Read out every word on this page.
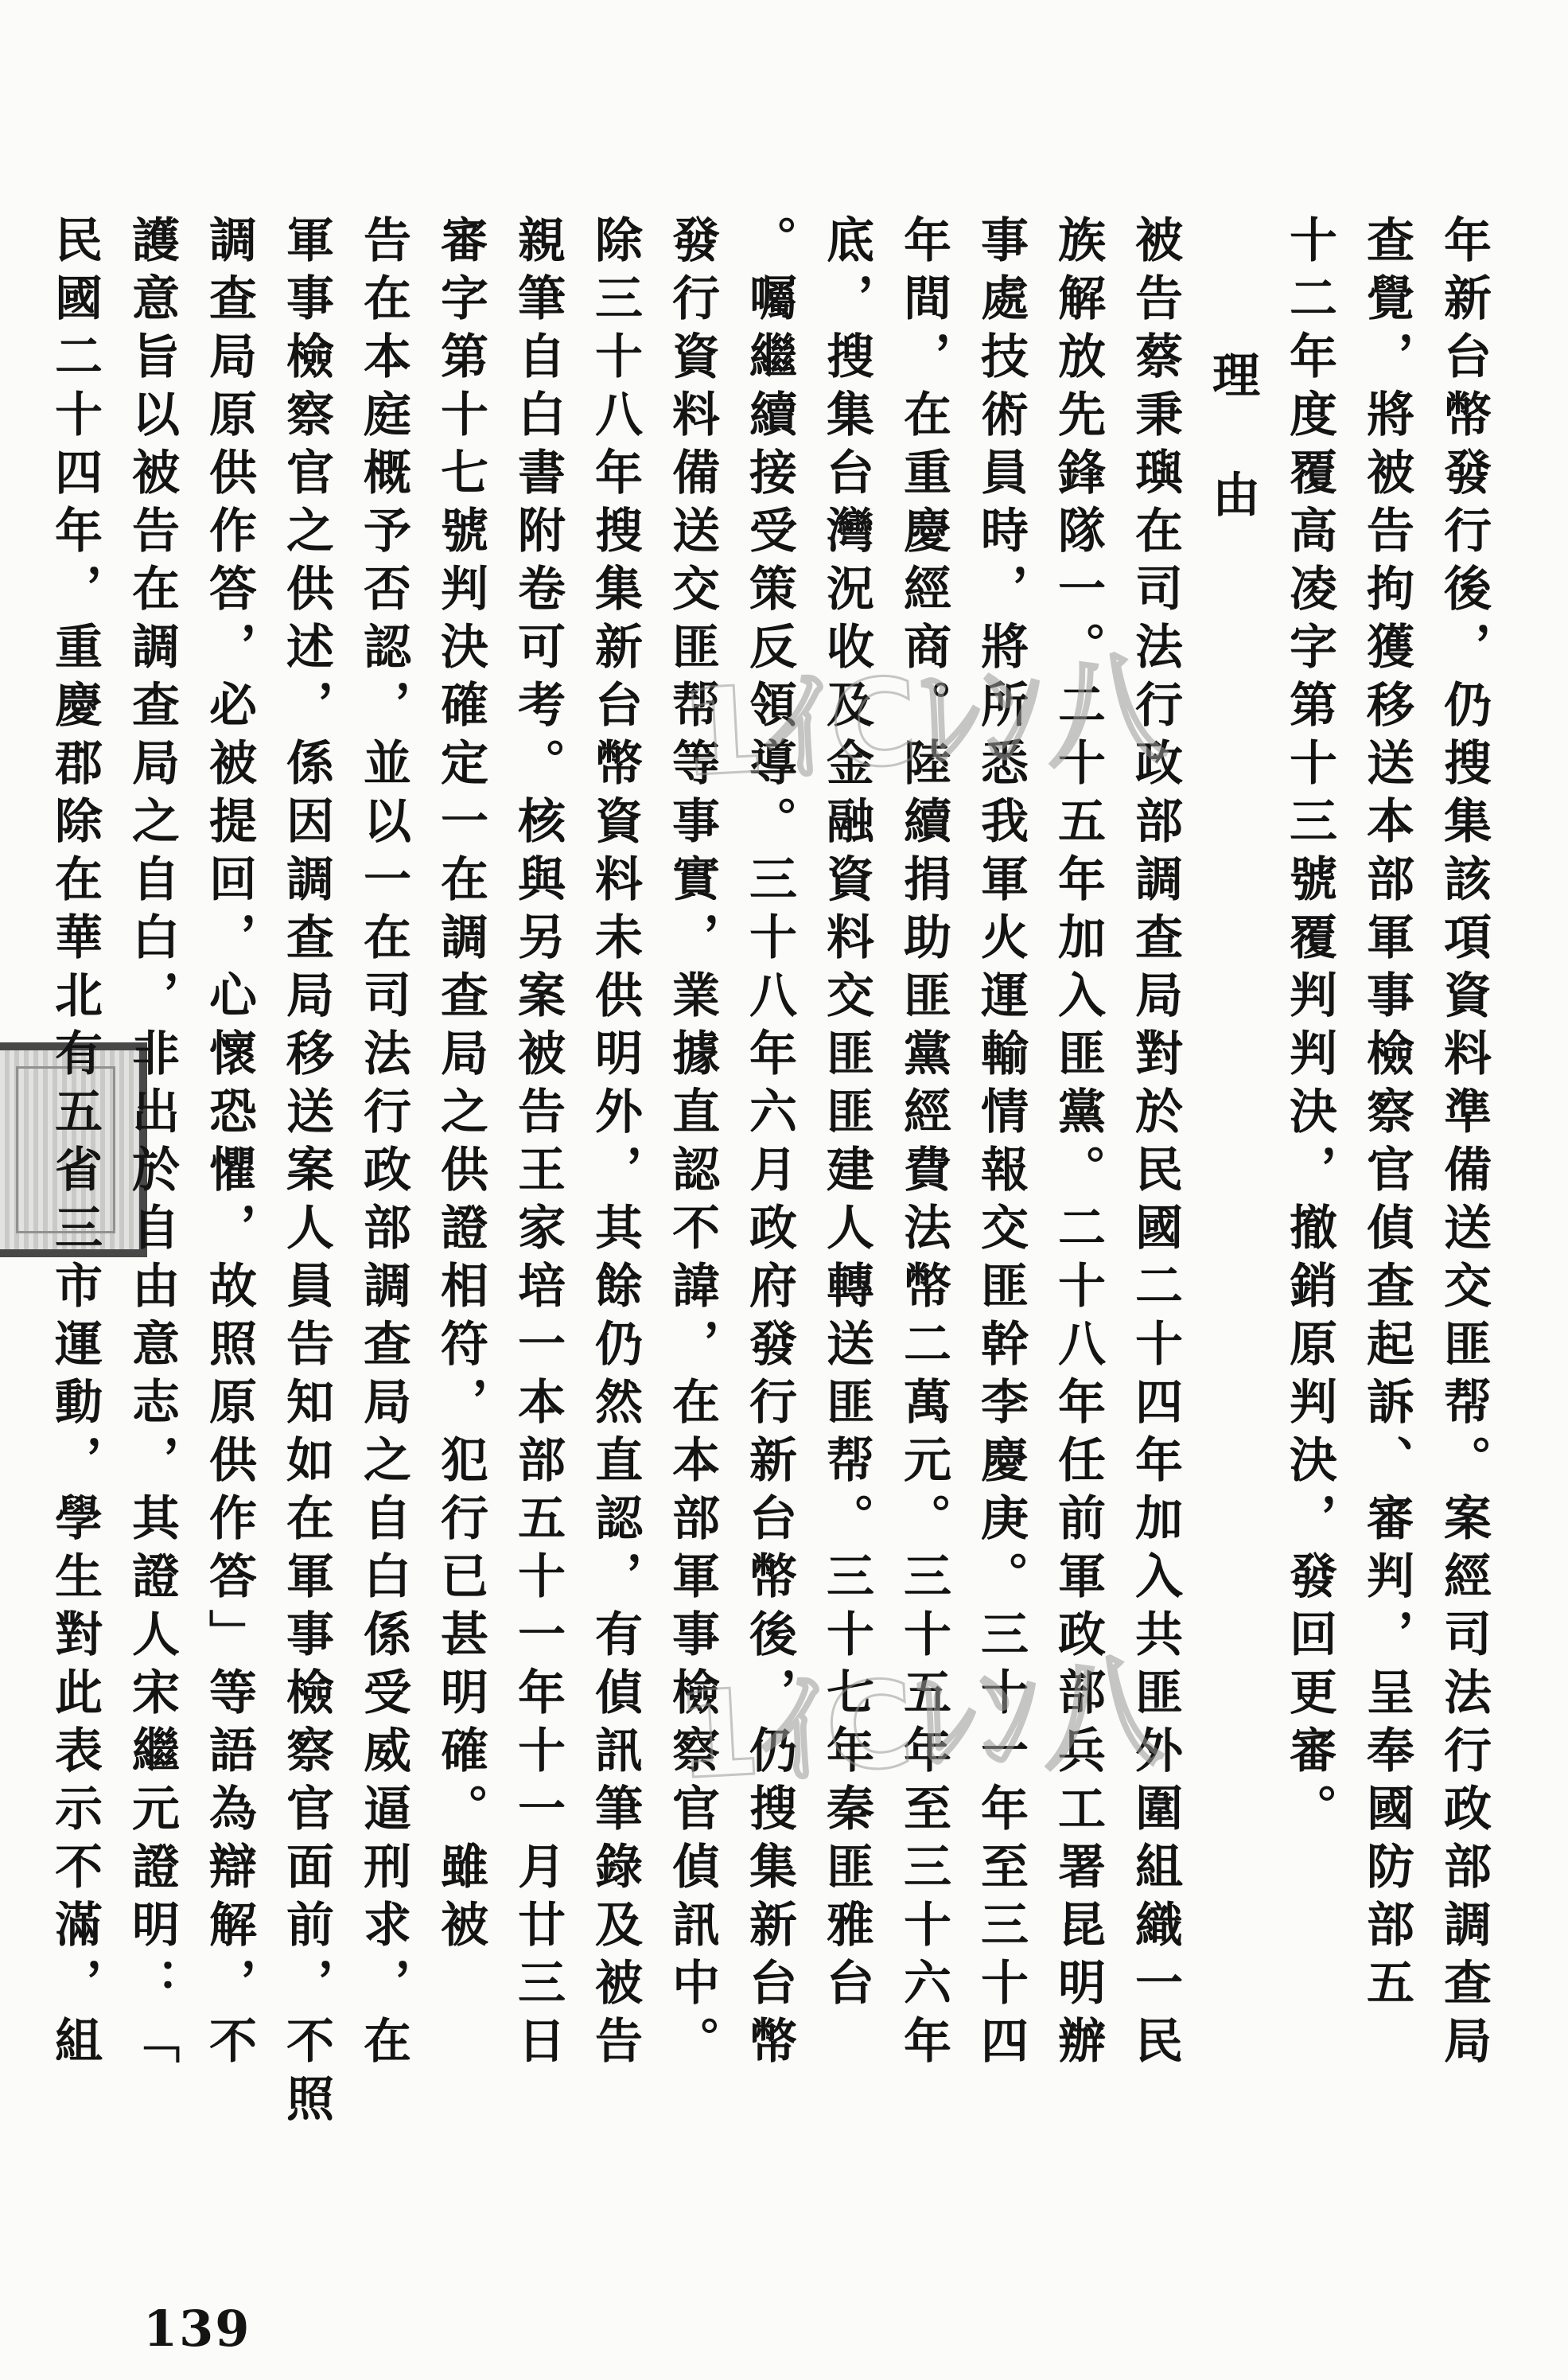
年新台幣發行後，仍搜集該項資料準備送交匪帮。案經司法行政部調查局
查覺，將被告拘獲移送本部軍事檢察官偵查起訴、審判，呈奉國防部五
十二年度覆高凌字第十三號覆判判決，撤銷原判決，發回更審。
理由
被告蔡秉璵在司法行政部調查局對於民國二十四年加入共匪外圍組織一民
族解放先鋒隊一。二十五年加入匪黨。二十八年任前軍政部兵工署昆明辦
事處技術員時，將所悉我軍火運輸情報交匪幹李慶庚。三十一年至三十四
年間，在重慶經商。陸續捐助匪黨經費法幣二萬元。三十五年至三十六年
底，搜集台灣況收及金融資料交匪匪建人轉送匪帮。三十七年秦匪雅台
。囑繼續接受策反領導。三十八年六月政府發行新台幣後，仍搜集新台幣
發行資料備送交匪帮等事實，業據直認不諱，在本部軍事檢察官偵訊中。
除三十八年搜集新台幣資料未供明外，其餘仍然直認，有偵訊筆錄及被告
親筆自白書附卷可考。核與另案被告王家培一本部五十一年十一月廿三日
審字第十七號判決確定一在調查局之供證相符，犯行已甚明確。雖被
告在本庭概予否認，並以一在司法行政部調查局之自白係受威逼刑求，在
軍事檢察官之供述，係因調查局移送案人員告知如在軍事檢察官面前，不照
調查局原供作答，必被提回，心懷恐懼，故照原供作答」等語為辯解，不
護意旨以被告在調查局之自白，非出於自由意志，其證人宋繼元證明：「	1ｲCﾚﾝ八
1ｲCﾚﾝ八
139
民國二十四年，重慶郡除在華北有五省三市運動，學生對此表示不滿，組
